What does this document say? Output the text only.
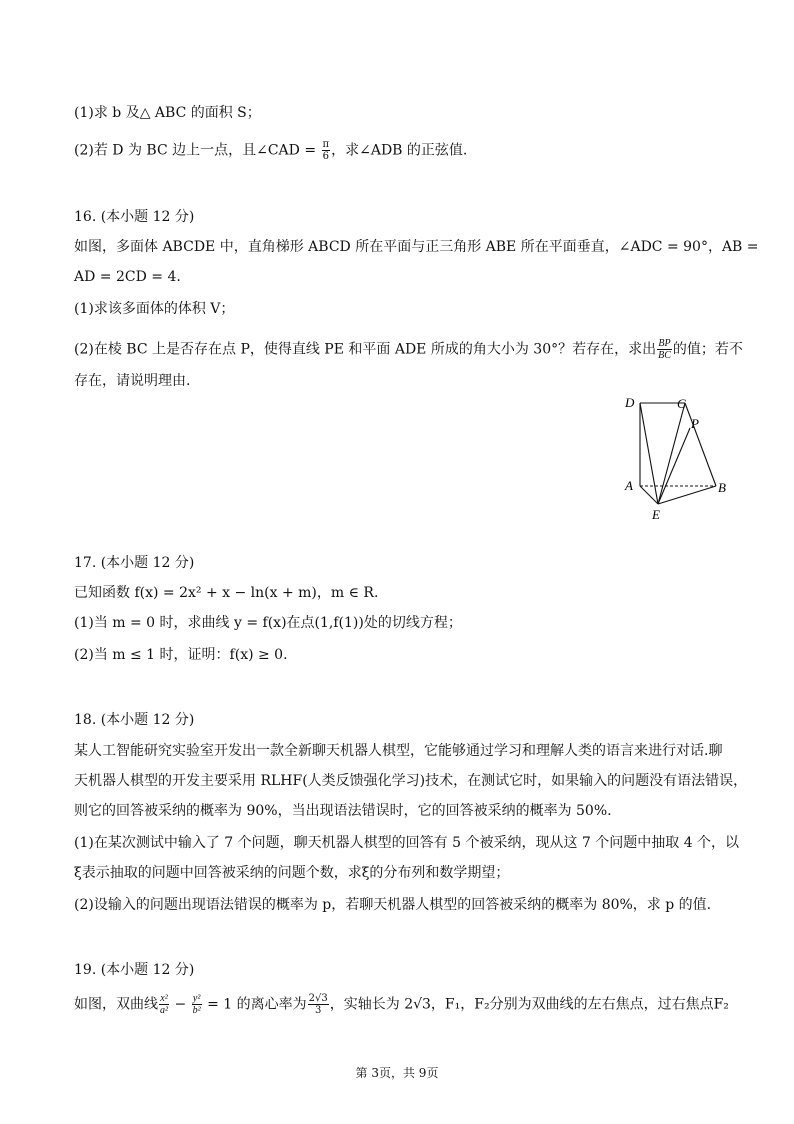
(1)求 b 及△ ABC 的面积 S；
(2)若 D 为 BC 边上一点，且∠CAD = $\frac{\pi}{6}$ ，求∠ADB 的正弦值.
16. (本小题 12 分)
如图，多面体 ABCDE 中，直角梯形 ABCD 所在平面与正三角形 ABE 所在平面垂直，∠ADC = 90°，AB =
AD = 2CD = 4.
(1)求该多面体的体积 V；
(2)在棱 BC 上是否存在点 P，使得直线 PE 和平面 ADE 所成的角大小为 30°？若存在，求出 $\frac{BP}{BC}$ 的值；若不
存在，请说明理由.
D	C
P
A	B
E
17. (本小题 12 分)
已知函数 f(x) = 2x² + x − ln(x + m)，m ∈ R.
(1)当 m = 0 时，求曲线 y = f(x)在点(1,f(1))处的切线方程；
(2)当 m ≤ 1 时，证明：f(x) ≥ 0.
18. (本小题 12 分)
某人工智能研究实验室开发出一款全新聊天机器人棋型，它能够通过学习和理解人类的语言来进行对话.聊
天机器人棋型的开发主要采用 RLHF(人类反馈强化学习)技术，在测试它时，如果输入的问题没有语法错误，
则它的回答被采纳的概率为 90%，当出现语法错误时，它的回答被采纳的概率为 50%.
(1)在某次测试中输入了 7 个问题，聊天机器人棋型的回答有 5 个被采纳，现从这 7 个问题中抽取 4 个，以
ξ表示抽取的问题中回答被采纳的问题个数，求ξ的分布列和数学期望；
(2)设输入的问题出现语法错误的概率为 p，若聊天机器人棋型的回答被采纳的概率为 80%，求 p 的值.
19. (本小题 12 分)
如图，双曲线 $\frac{\text{x²}}{\text{a²}} - \frac{\text{y²}}{\text{b²}} = 1$ 的离心率为 $\frac{2√3}{3}$ ，实轴长为 2√3，F₁，F₂分别为双曲线的左右焦点，过右焦点F₂
第 3页，共 9页
